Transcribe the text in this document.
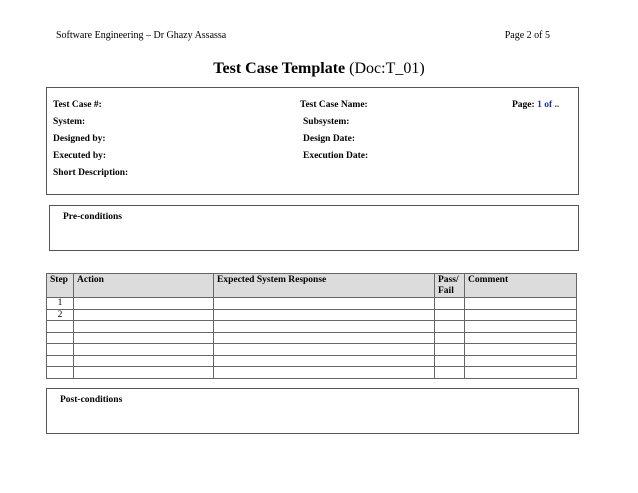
Software Engineering – Dr Ghazy Assassa	Page 2 of 5
Test Case Template (Doc:T_01)
Test Case #:	Test Case Name:	Page: 1 of ..
System:	Subsystem:
Designed by:	Design Date:
Executed by:	Execution Date:
Short Description:
Pre-conditions
Step	Action	Expected System Response	Pass/ Fail	Comment
1				
2				

Post-conditions
